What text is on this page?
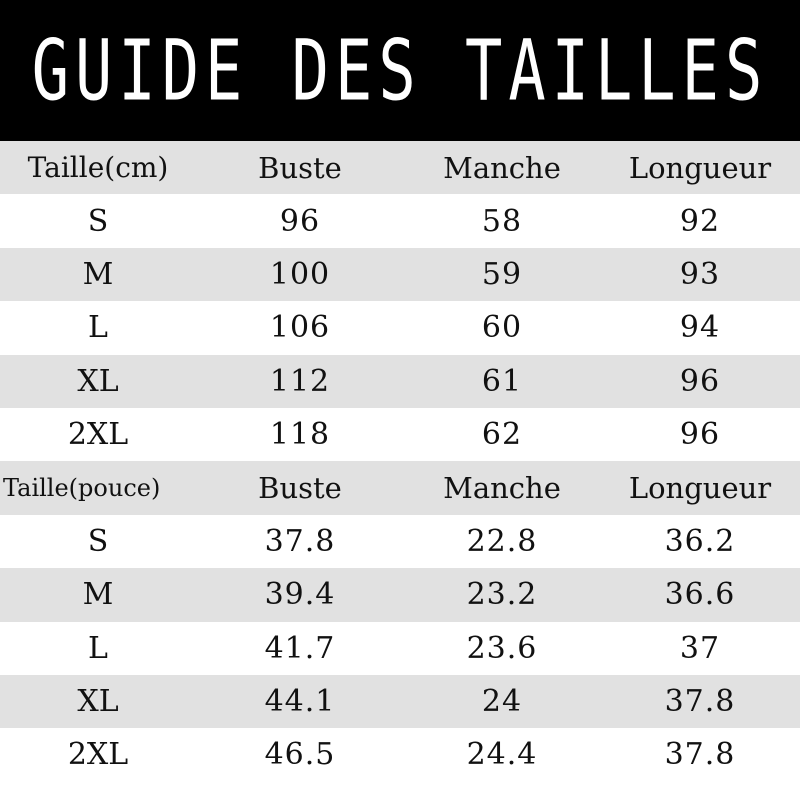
GUIDE DES TAILLES
Taille(cm)	Buste	Manche	Longueur
S	96	58	92
M	100	59	93
L	106	60	94
XL	112	61	96
2XL	118	62	96
Taille(pouce)	Buste	Manche	Longueur
S	37.8	22.8	36.2
M	39.4	23.2	36.6
L	41.7	23.6	37
XL	44.1	24	37.8
2XL	46.5	24.4	37.8
